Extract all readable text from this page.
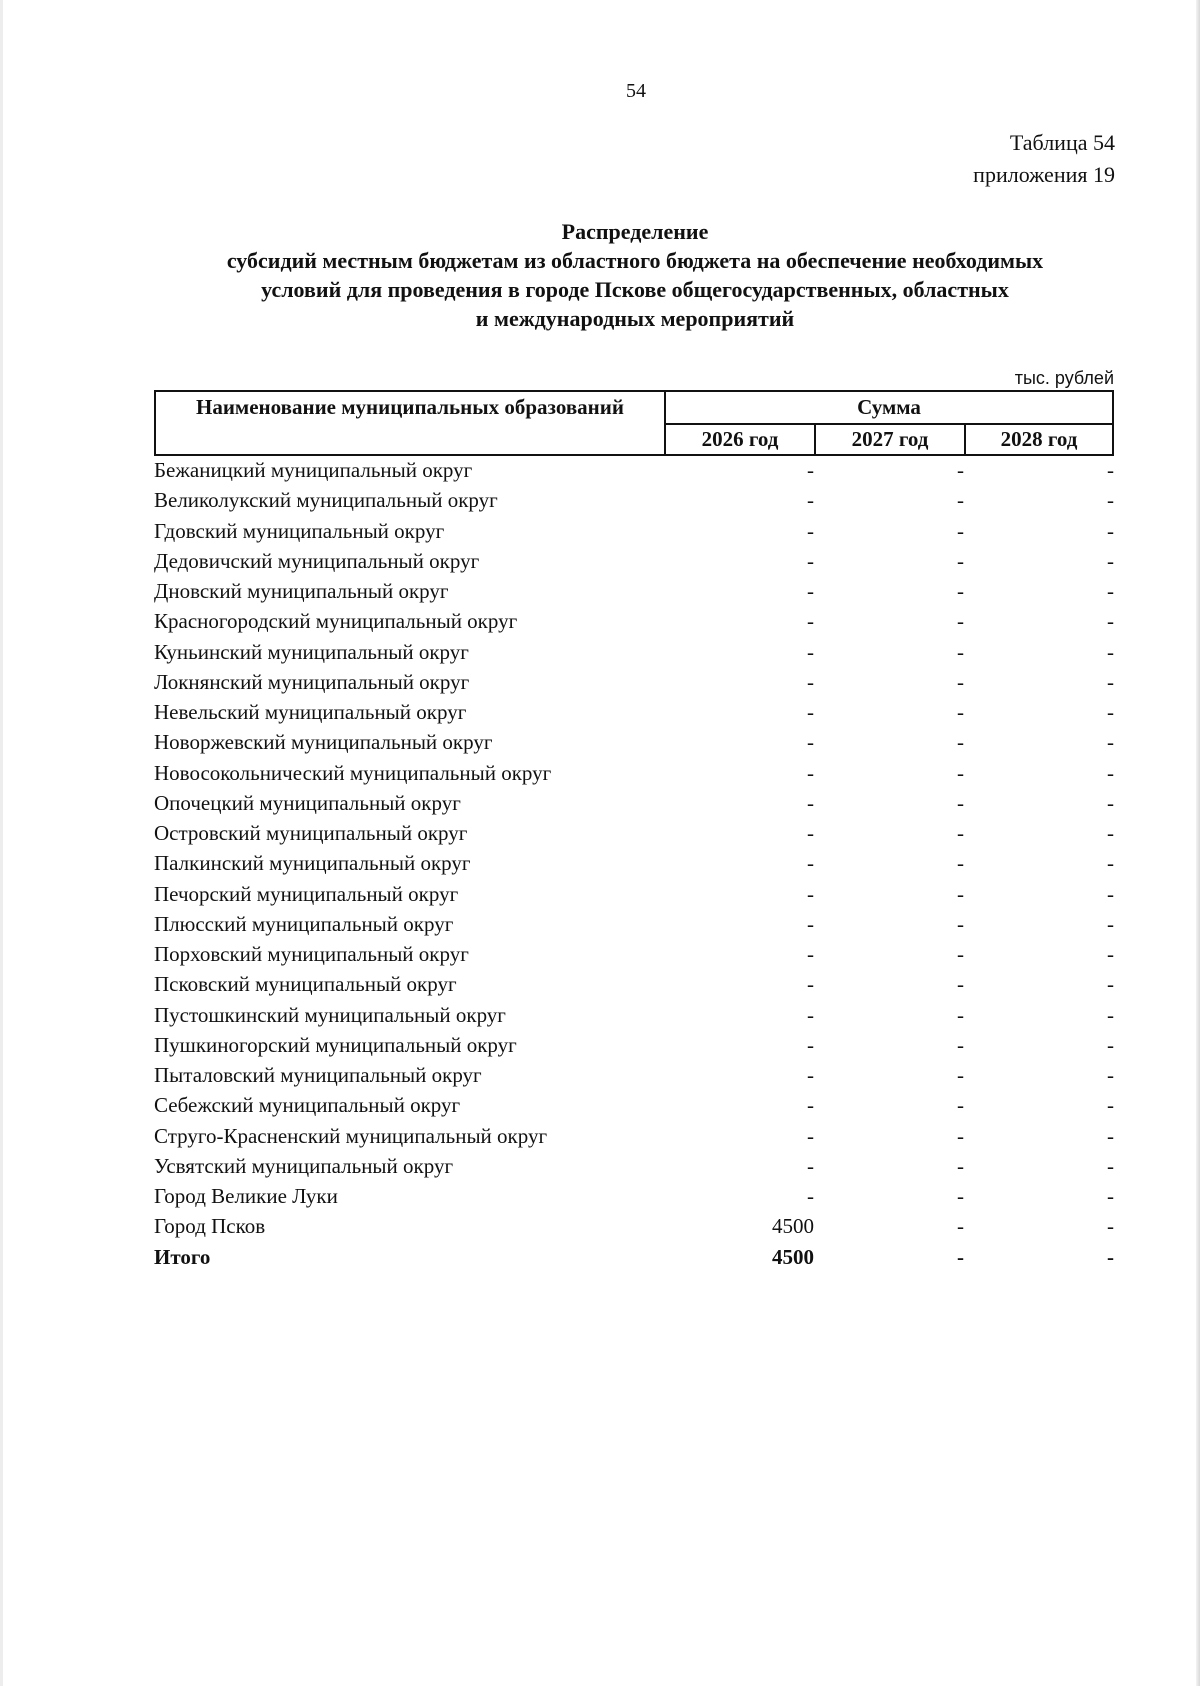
54
Таблица 54
приложения 19
Распределение
субсидий местным бюджетам из областного бюджета на обеспечение необходимых
условий для проведения в городе Пскове общегосударственных, областных
и международных мероприятий
тыс. рублей
Наименование муниципальных образований	Сумма
2026 год	2027 год	2028 год
Бежаницкий муниципальный округ	-	-	-
Великолукский муниципальный округ	-	-	-
Гдовский муниципальный округ	-	-	-
Дедовичский муниципальный округ	-	-	-
Дновский муниципальный округ	-	-	-
Красногородский муниципальный округ	-	-	-
Куньинский муниципальный округ	-	-	-
Локнянский муниципальный округ	-	-	-
Невельский муниципальный округ	-	-	-
Новоржевский муниципальный округ	-	-	-
Новосокольнический муниципальный округ	-	-	-
Опочецкий муниципальный округ	-	-	-
Островский муниципальный округ	-	-	-
Палкинский муниципальный округ	-	-	-
Печорский муниципальный округ	-	-	-
Плюсский муниципальный округ	-	-	-
Порховский муниципальный округ	-	-	-
Псковский муниципальный округ	-	-	-
Пустошкинский муниципальный округ	-	-	-
Пушкиногорский муниципальный округ	-	-	-
Пыталовский муниципальный округ	-	-	-
Себежский муниципальный округ	-	-	-
Струго-Красненский муниципальный округ	-	-	-
Усвятский муниципальный округ	-	-	-
Город Великие Луки	-	-	-
Город Псков	4500	-	-
Итого	4500	-	-
